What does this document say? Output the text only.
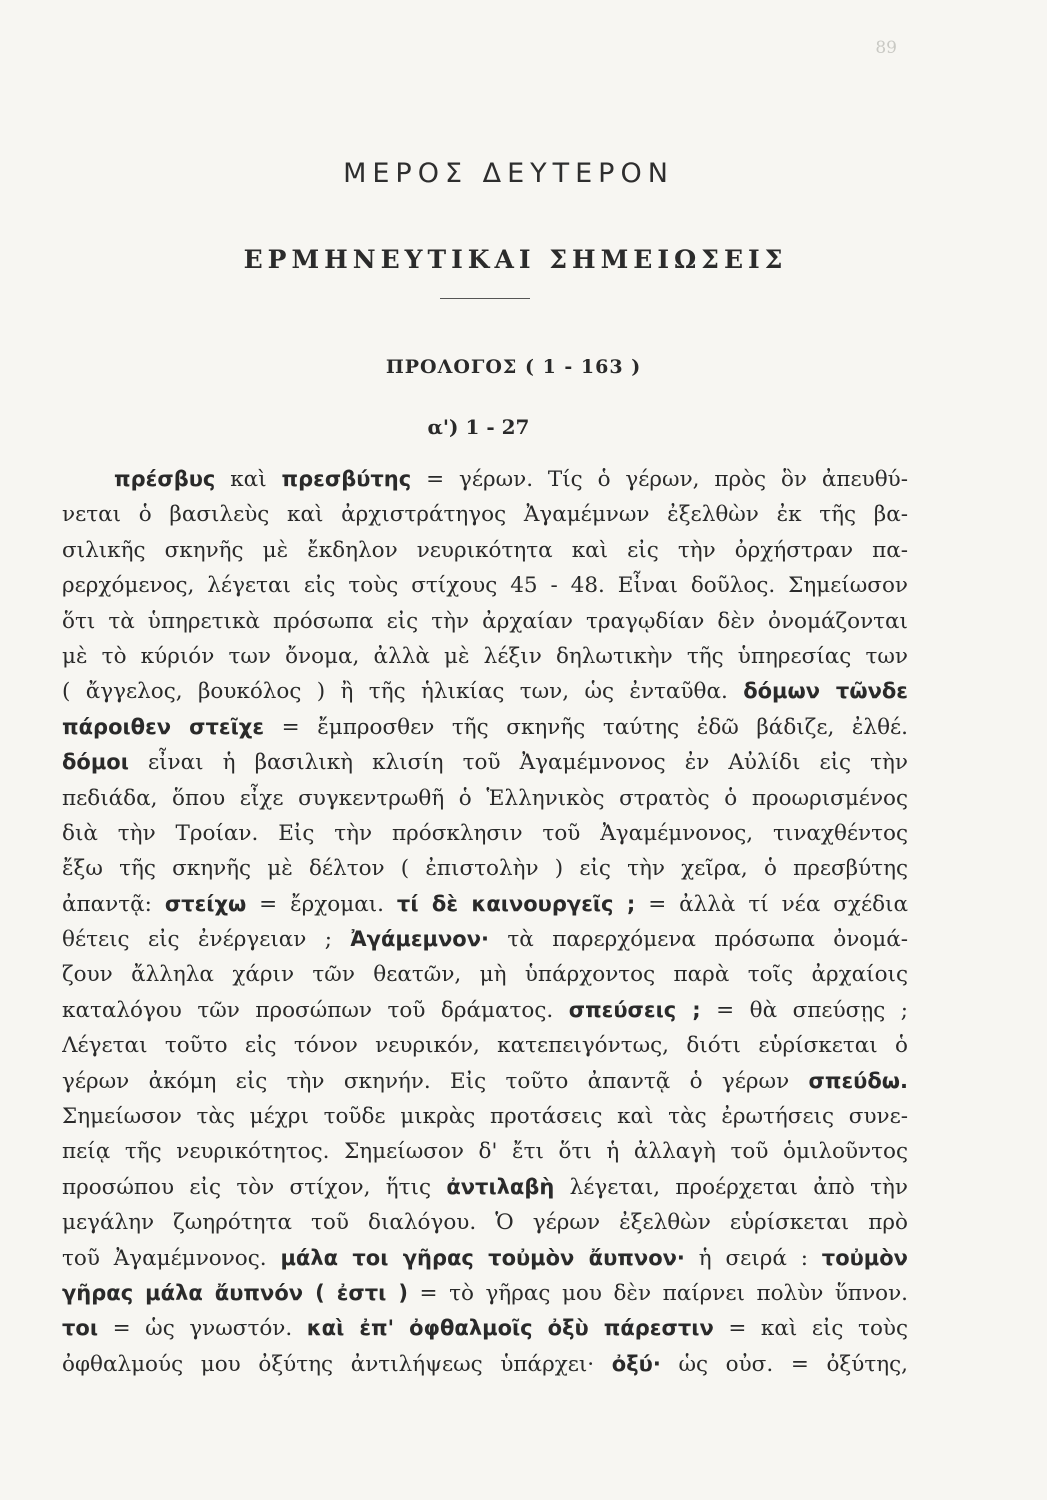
89
ΜΕΡΟΣ ΔΕΥΤΕΡΟΝ
ΕΡΜΗΝΕΥΤΙΚΑΙ ΣΗΜΕΙΩΣΕΙΣ
ΠΡΟΛΟΓΟΣ ( 1 - 163 )
α') 1 - 27
πρέσβυς καὶ πρεσβύτης = γέρων. Τίς ὁ γέρων, πρὸς ὃν ἀπευθύ-
νεται ὁ βασιλεὺς καὶ ἀρχιστράτηγος Ἀγαμέμνων ἐξελθὼν ἐκ τῆς βα-
σιλικῆς σκηνῆς μὲ ἔκδηλον νευρικότητα καὶ εἰς τὴν ὀρχήστραν πα-
ρερχόμενος, λέγεται εἰς τοὺς στίχους 45 - 48. Εἶναι δοῦλος. Σημείωσον
ὅτι τὰ ὑπηρετικὰ πρόσωπα εἰς τὴν ἀρχαίαν τραγῳδίαν δὲν ὀνομάζονται
μὲ τὸ κύριόν των ὄνομα, ἀλλὰ μὲ λέξιν δηλωτικὴν τῆς ὑπηρεσίας των
( ἄγγελος, βουκόλος ) ἢ τῆς ἡλικίας των, ὡς ἐνταῦθα. δόμων τῶνδε
πάροιθεν στεῖχε = ἔμπροσθεν τῆς σκηνῆς ταύτης ἐδῶ βάδιζε, ἐλθέ.
δόμοι εἶναι ἡ βασιλικὴ κλισίη τοῦ Ἀγαμέμνονος ἐν Αὐλίδι εἰς τὴν
πεδιάδα, ὅπου εἶχε συγκεντρωθῆ ὁ Ἑλληνικὸς στρατὸς ὁ προωρισμένος
διὰ τὴν Τροίαν. Εἰς τὴν πρόσκλησιν τοῦ Ἀγαμέμνονος, τιναχθέντος
ἔξω τῆς σκηνῆς μὲ δέλτον ( ἐπιστολὴν ) εἰς τὴν χεῖρα, ὁ πρεσβύτης
ἀπαντᾷ: στείχω = ἔρχομαι. τί δὲ καινουργεῖς ; = ἀλλὰ τί νέα σχέδια
θέτεις εἰς ἐνέργειαν ; Ἀγάμεμνον· τὰ παρερχόμενα πρόσωπα ὀνομά-
ζουν ἄλληλα χάριν τῶν θεατῶν, μὴ ὑπάρχοντος παρὰ τοῖς ἀρχαίοις
καταλόγου τῶν προσώπων τοῦ δράματος. σπεύσεις ; = θὰ σπεύσῃς ;
Λέγεται τοῦτο εἰς τόνον νευρικόν, κατεπειγόντως, διότι εὑρίσκεται ὁ
γέρων ἀκόμη εἰς τὴν σκηνήν. Εἰς τοῦτο ἀπαντᾷ ὁ γέρων σπεύδω.
Σημείωσον τὰς μέχρι τοῦδε μικρὰς προτάσεις καὶ τὰς ἐρωτήσεις συνε-
πείᾳ τῆς νευρικότητος. Σημείωσον δ' ἔτι ὅτι ἡ ἀλλαγὴ τοῦ ὁμιλοῦντος
προσώπου εἰς τὸν στίχον, ἥτις ἀντιλαβὴ λέγεται, προέρχεται ἀπὸ τὴν
μεγάλην ζωηρότητα τοῦ διαλόγου. Ὁ γέρων ἐξελθὼν εὑρίσκεται πρὸ
τοῦ Ἀγαμέμνονος. μάλα τοι γῆρας τοὐμὸν ἄυπνον· ἡ σειρά : τοὐμὸν
γῆρας μάλα ἄυπνόν ( ἐστι ) = τὸ γῆρας μου δὲν παίρνει πολὺν ὕπνον.
τοι = ὡς γνωστόν. καὶ ἐπ' ὀφθαλμοῖς ὀξὺ πάρεστιν = καὶ εἰς τοὺς
ὀφθαλμούς μου ὀξύτης ἀντιλήψεως ὑπάρχει· ὀξύ· ὡς οὐσ. = ὀξύτης,
